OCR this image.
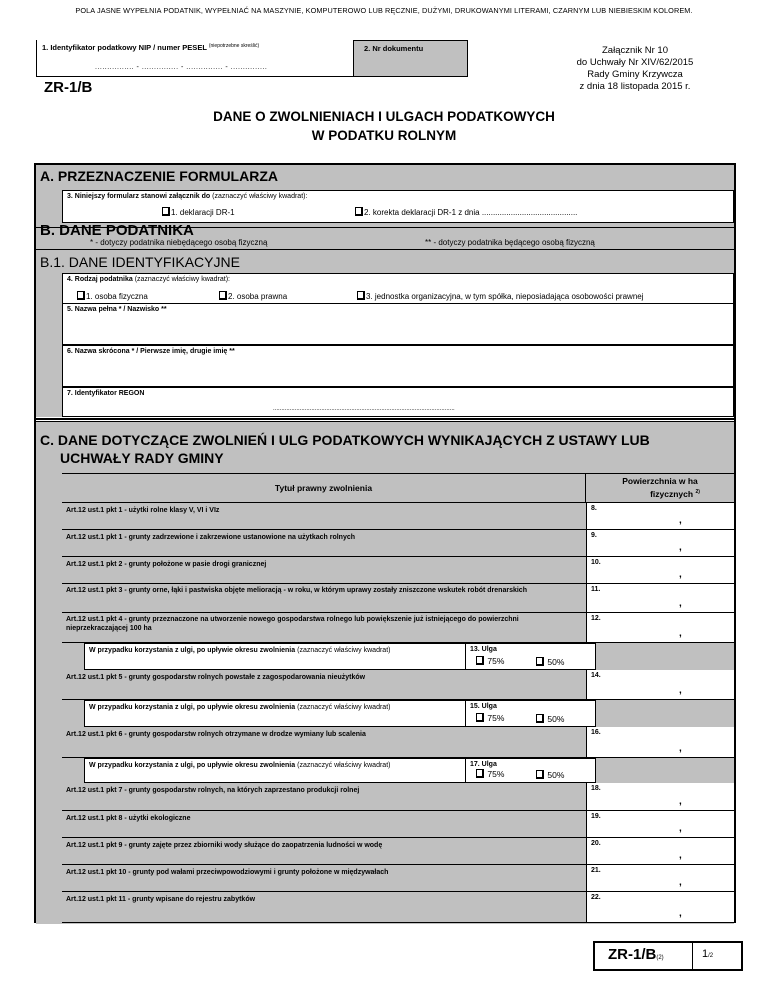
POLA JASNE WYPEŁNIA PODATNIK, WYPEŁNIAĆ NA MASZYNIE, KOMPUTEROWO LUB RĘCZNIE, DUŻYMI, DRUKOWANYMI LITERAMI, CZARNYM LUB NIEBIESKIM KOLOREM.
1. Identyfikator podatkowy NIP / numer PESEL $^{(niepotrzebne skreślić)}$
................ - ............... - ............... - ...............
2. Nr dokumentu	Załącznik Nr 10
do Uchwały Nr XIV/62/2015
Rady Gminy Krzywcza
z dnia 18 listopada 2015 r.
ZR-1/B
DANE O ZWOLNIENIACH I ULGACH PODATKOWYCH
W PODATKU ROLNYM
A. PRZEZNACZENIE FORMULARZA
3. Niniejszy formularz stanowi załącznik do (zaznaczyć właściwy kwadrat):
1. deklaracji DR-1	2. korekta deklaracji DR-1 z dnia ...........................................
B. DANE PODATNIKA
* - dotyczy podatnika niebędącego osobą fizyczną	** - dotyczy podatnika będącego osobą fizyczną
B.1. DANE IDENTYFIKACYJNE
4. Rodzaj podatnika (zaznaczyć właściwy kwadrat):
1. osoba fizyczna	2. osoba prawna	3. jednostka organizacyjna, w tym spółka, nieposiadająca osobowości prawnej
5. Nazwa pełna * / Nazwisko **
6. Nazwa skrócona * / Pierwsze imię, drugie imię **
7. Identyfikator REGON
.............................................................................................................
C. DANE DOTYCZĄCE ZWOLNIEŃ I ULG PODATKOWYCH WYNIKAJĄCYCH Z USTAWY LUB
UCHWAŁY RADY GMINY
Tytuł prawny zwolnienia
Powierzchnia w ha
fizycznych $^{2)}$
Art.12 ust.1 pkt 1 - użytki rolne klasy V, VI i VIz	8.
,
Art.12 ust.1 pkt 1 - grunty zadrzewione i zakrzewione ustanowione na użytkach rolnych	9.
,
Art.12 ust.1 pkt 2 - grunty położone w pasie drogi granicznej	10.
,
Art.12 ust.1 pkt 3 - grunty orne, łąki i pastwiska objęte melioracją - w roku, w którym uprawy zostały zniszczone wskutek robót drenarskich	11.
,
Art.12 ust.1 pkt 4 - grunty przeznaczone na utworzenie nowego gospodarstwa rolnego lub powiększenie już istniejącego do powierzchni nieprzekraczającej 100 ha
12.
,
W przypadku korzystania z ulgi, po upływie okresu zwolnienia (zaznaczyć właściwy kwadrat)	13. Ulga
75%	50%
Art.12 ust.1 pkt 5 - grunty gospodarstw rolnych powstałe z zagospodarowania nieużytków	14.
,
W przypadku korzystania z ulgi, po upływie okresu zwolnienia (zaznaczyć właściwy kwadrat)	15. Ulga
75%	50%
Art.12 ust.1 pkt 6 - grunty gospodarstw rolnych otrzymane w drodze wymiany lub scalenia	16.
,
W przypadku korzystania z ulgi, po upływie okresu zwolnienia (zaznaczyć właściwy kwadrat)	17. Ulga
75%	50%
Art.12 ust.1 pkt 7 - grunty gospodarstw rolnych, na których zaprzestano produkcji rolnej	18.
,
Art.12 ust.1 pkt 8 - użytki ekologiczne	19.
,
Art.12 ust.1 pkt 9 - grunty zajęte przez zbiorniki wody służące do zaopatrzenia ludności w wodę	20.
,
Art.12 ust.1 pkt 10 - grunty pod wałami przeciwpowodziowymi i grunty położone w międzywałach	21.
,
Art.12 ust.1 pkt 11 - grunty wpisane do rejestru zabytków	22.
,
ZR-1/B(2)	1/2
